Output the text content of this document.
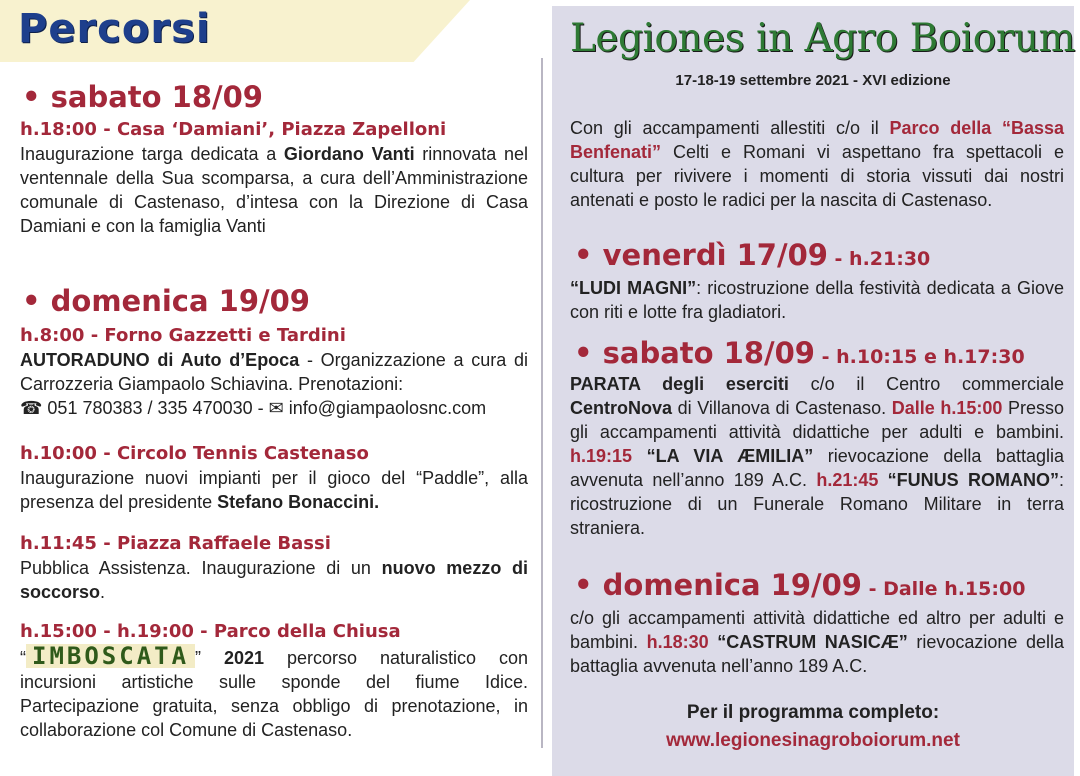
Percorsi
• sabato 18/09
h.18:00 - Casa ‘Damiani’, Piazza Zapelloni
Inaugurazione targa dedicata a Giordano Vanti rinnovata nel ventennale della Sua scomparsa, a cura dell’Amministrazione comunale di Castenaso, d’intesa con la Direzione di Casa Damiani e con la famiglia Vanti
• domenica 19/09
h.8:00 - Forno Gazzetti e Tardini
AUTORADUNO di Auto d’Epoca - Organizzazione a cura di Carrozzeria Giampaolo Schiavina. Prenotazioni:
☎ 051 780383 / 335 470030 - ✉ info@giampaolosnc.com
h.10:00 - Circolo Tennis Castenaso
Inaugurazione nuovi impianti per il gioco del “Paddle”, alla presenza del presidente Stefano Bonaccini.
h.11:45 - Piazza Raffaele Bassi
Pubblica Assistenza. Inaugurazione di un nuovo mezzo di soccorso.
h.15:00 - h.19:00 - Parco della Chiusa
“ IMBOSCATA ” 2021 percorso naturalistico con incursioni artistiche sulle sponde del fiume Idice. Partecipazione gratuita, senza obbligo di prenotazione, in collaborazione col Comune di Castenaso.
Legiones in Agro Boiorum
17-18-19 settembre 2021 - XVI edizione
Con gli accampamenti allestiti c/o il Parco della “Bassa Benfenati” Celti e Romani vi aspettano fra spettacoli e cultura per rivivere i momenti di storia vissuti dai nostri antenati e posto le radici per la nascita di Castenaso.
• venerdì 17/09 - h.21:30
“LUDI MAGNI”: ricostruzione della festività dedicata a Giove con riti e lotte fra gladiatori.
• sabato 18/09 - h.10:15 e h.17:30
PARATA degli eserciti c/o il Centro commerciale CentroNova di Villanova di Castenaso. Dalle h.15:00 Presso gli accampamenti attività didattiche per adulti e bambini. h.19:15 “LA VIA ÆMILIA” rievocazione della battaglia avvenuta nell’anno 189 A.C. h.21:45 “FUNUS ROMANO”: ricostruzione di un Funerale Romano Militare in terra straniera.
• domenica 19/09 - Dalle h.15:00
c/o gli accampamenti attività didattiche ed altro per adulti e bambini. h.18:30 “CASTRUM NASICÆ” rievocazione della battaglia avvenuta nell’anno 189 A.C.
Per il programma completo:
www.legionesinagroboiorum.net
